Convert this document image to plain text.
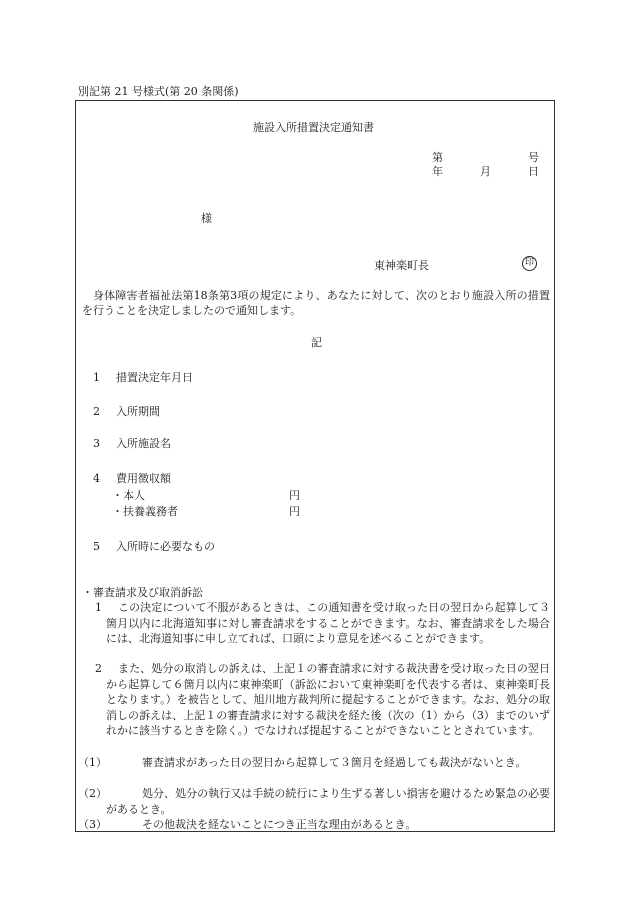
別記第 21 号様式(第 20 条関係)
施設入所措置決定通知書
第	号
年	月	日
様
東神楽町長	印
身体障害者福祉法第18条第3項の規定により、あなたに対して、次のとおり施設入所の措置を行うことを決定しましたので通知します。
記
1 措置決定年月日
2 入所期間
3 入所施設名
4 費用徴収額
・本人	円
・扶養義務者	円
5 入所時に必要なもの
・審査請求及び取消訴訟
1	この決定について不服があるときは、この通知書を受け取った日の翌日から起算して３箇月以内に北海道知事に対し審査請求をすることができます。なお、審査請求をした場合には、北海道知事に申し立てれば、口頭により意見を述べることができます。
2	また、処分の取消しの訴えは、上記１の審査請求に対する裁決書を受け取った日の翌日から起算して６箇月以内に東神楽町（訴訟において東神楽町を代表する者は、東神楽町長となります。）を被告として、旭川地方裁判所に提起することができます。なお、処分の取消しの訴えは、上記１の審査請求に対する裁決を経た後（次の（1）から（3）までのいずれかに該当するときを除く。）でなければ提起することができないこととされています。
（1）	審査請求があった日の翌日から起算して３箇月を経過しても裁決がないとき。
（2）	処分、処分の執行又は手続の続行により生ずる著しい損害を避けるため緊急の必要があるとき。
（3）	その他裁決を経ないことにつき正当な理由があるとき。
